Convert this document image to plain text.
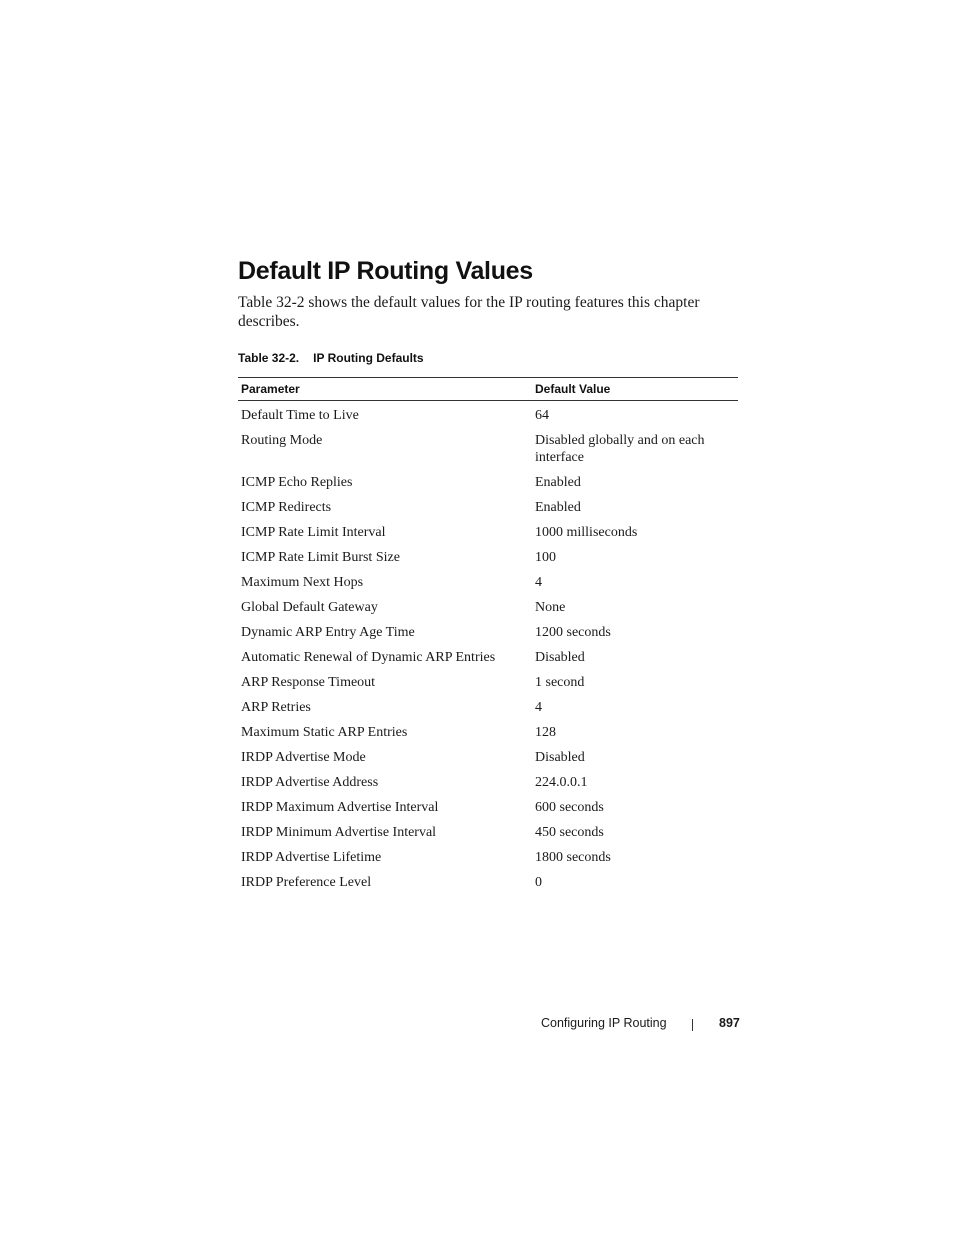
Default IP Routing Values

Table 32-2 shows the default values for the IP routing features this chapter describes.

Table 32-2. IP Routing Defaults
Parameter	Default Value
Default Time to Live	64
Routing Mode	Disabled globally and on each interface
ICMP Echo Replies	Enabled
ICMP Redirects	Enabled
ICMP Rate Limit Interval	1000 milliseconds
ICMP Rate Limit Burst Size	100
Maximum Next Hops	4
Global Default Gateway	None
Dynamic ARP Entry Age Time	1200 seconds
Automatic Renewal of Dynamic ARP Entries	Disabled
ARP Response Timeout	1 second
ARP Retries	4
Maximum Static ARP Entries	128
IRDP Advertise Mode	Disabled
IRDP Advertise Address	224.0.0.1
IRDP Maximum Advertise Interval	600 seconds
IRDP Minimum Advertise Interval	450 seconds
IRDP Advertise Lifetime	1800 seconds
IRDP Preference Level	0
Configuring IP Routing	897
